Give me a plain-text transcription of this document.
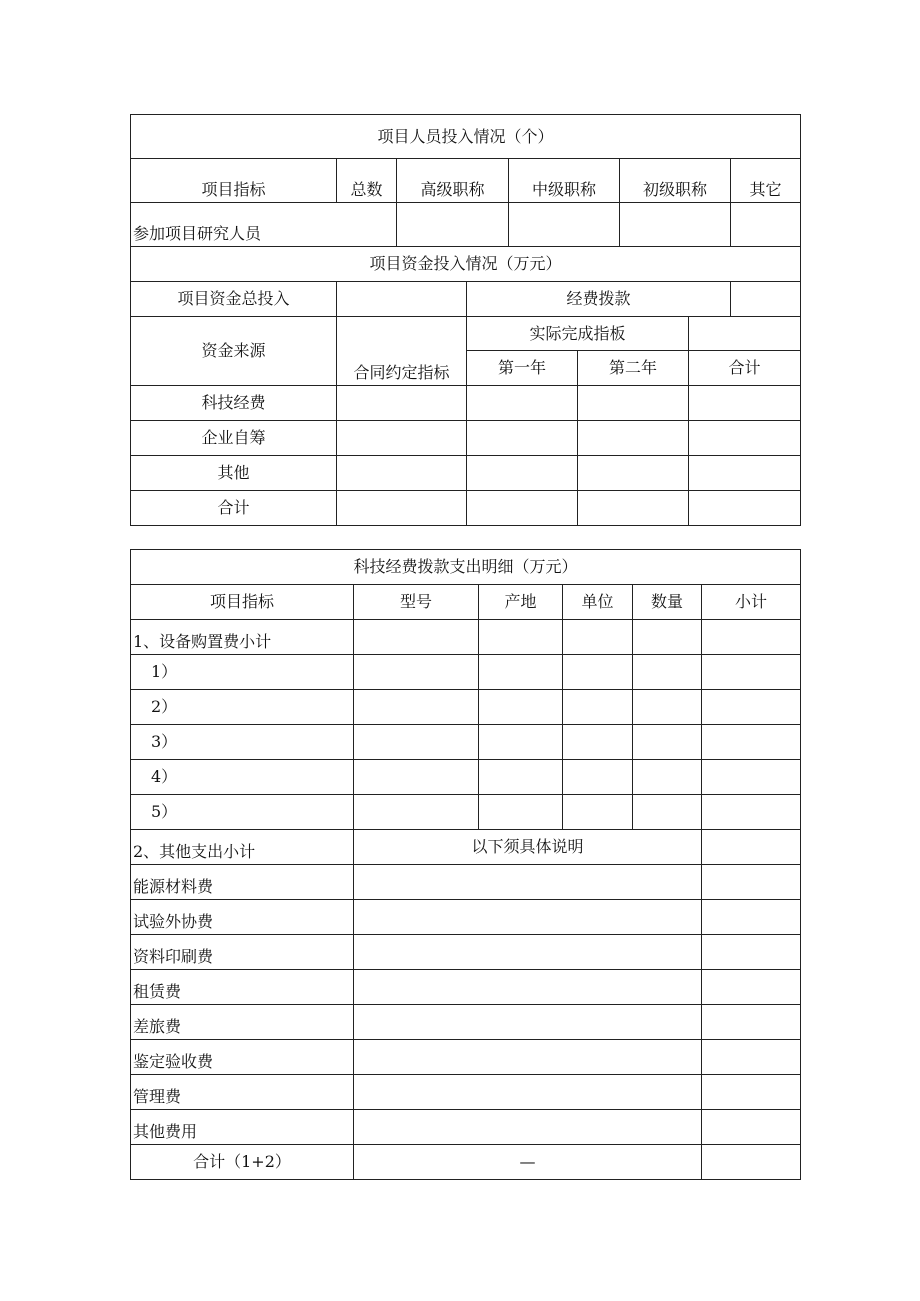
项目人员投入情况（个）								
项目指标	总数	高级职称		中级职称		初级职称		其它
参加项目研究人员								
项目资金投入情况（万元）								
项目资金总投入			经费拨款					
资金来源	合同约定指标		实际完成指板					
			第一年		第二年		合计	
科技经费								
企业自筹								
其他								
合计								
科技经费拨款支出明细（万元）					
项目指标	型号	产地	单位	数量	小计
1、设备购置费小计					
1）					
2）					
3）					
4）					
5）					
2、其他支出小计	以下须具体说明				
能源材料费					
试验外协费					
资料印刷费					
租赁费					
差旅费					
鉴定验收费					
管理费					
其他费用					
合计（1+2）	—				
